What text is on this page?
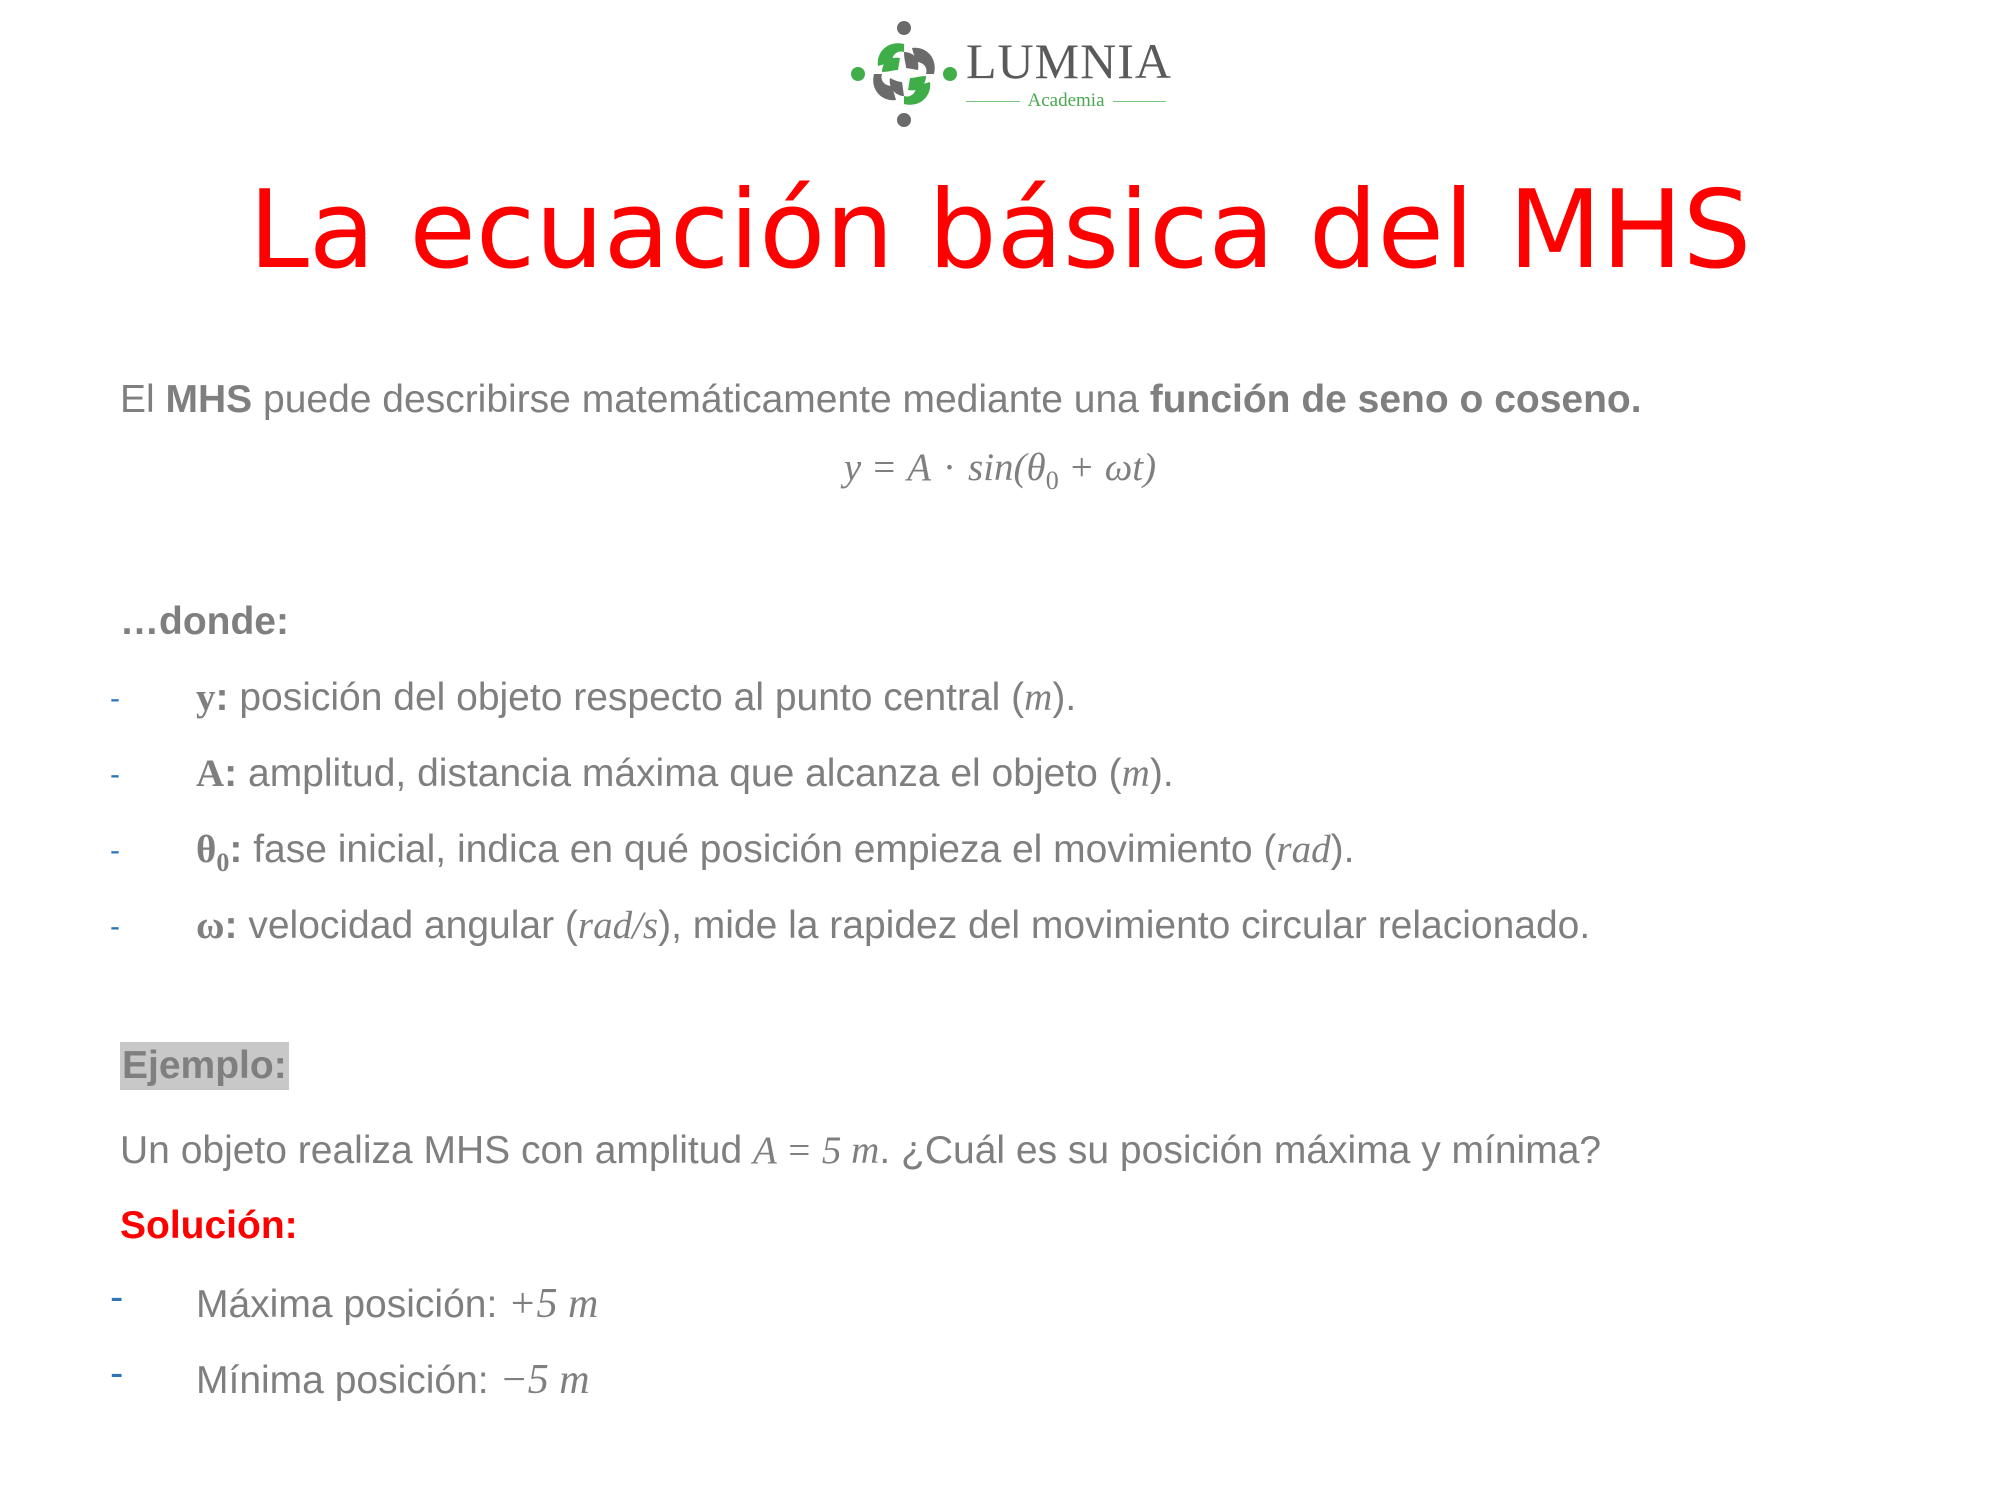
LUMNIA
Academia
La ecuación básica del MHS
El MHS puede describirse matemáticamente mediante una función de seno o coseno.
$y = A \cdot \sin(\theta_0 + \omega t)$
…donde:
- y: posición del objeto respecto al punto central (m).
- A: amplitud, distancia máxima que alcanza el objeto (m).
- $\theta_0$: fase inicial, indica en qué posición empieza el movimiento (rad).
- ω: velocidad angular (rad/s), mide la rapidez del movimiento circular relacionado.
Ejemplo:
Un objeto realiza MHS con amplitud A = 5 m. ¿Cuál es su posición máxima y mínima?
Solución:
- Máxima posición: +5 m
- Mínima posición: −5 m
